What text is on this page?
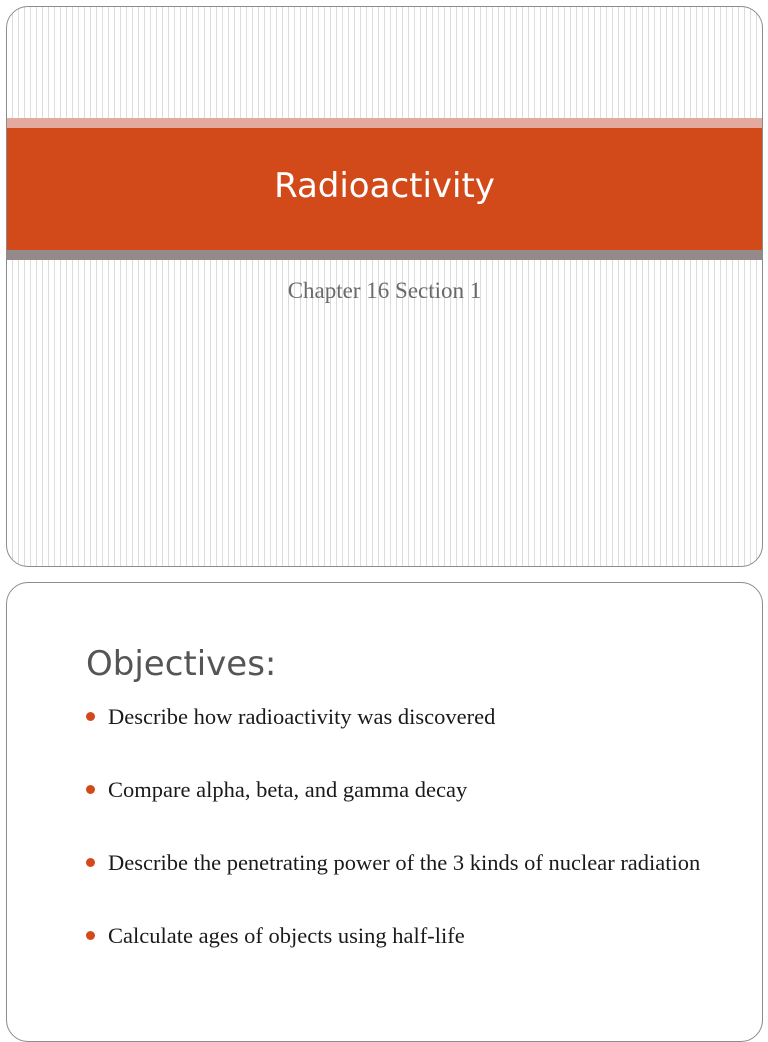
Radioactivity
Chapter 16 Section 1
Objectives:
Describe how radioactivity was discovered
Compare alpha, beta, and gamma decay
Describe the penetrating power of the 3 kinds of nuclear radiation
Calculate ages of objects using half-life
